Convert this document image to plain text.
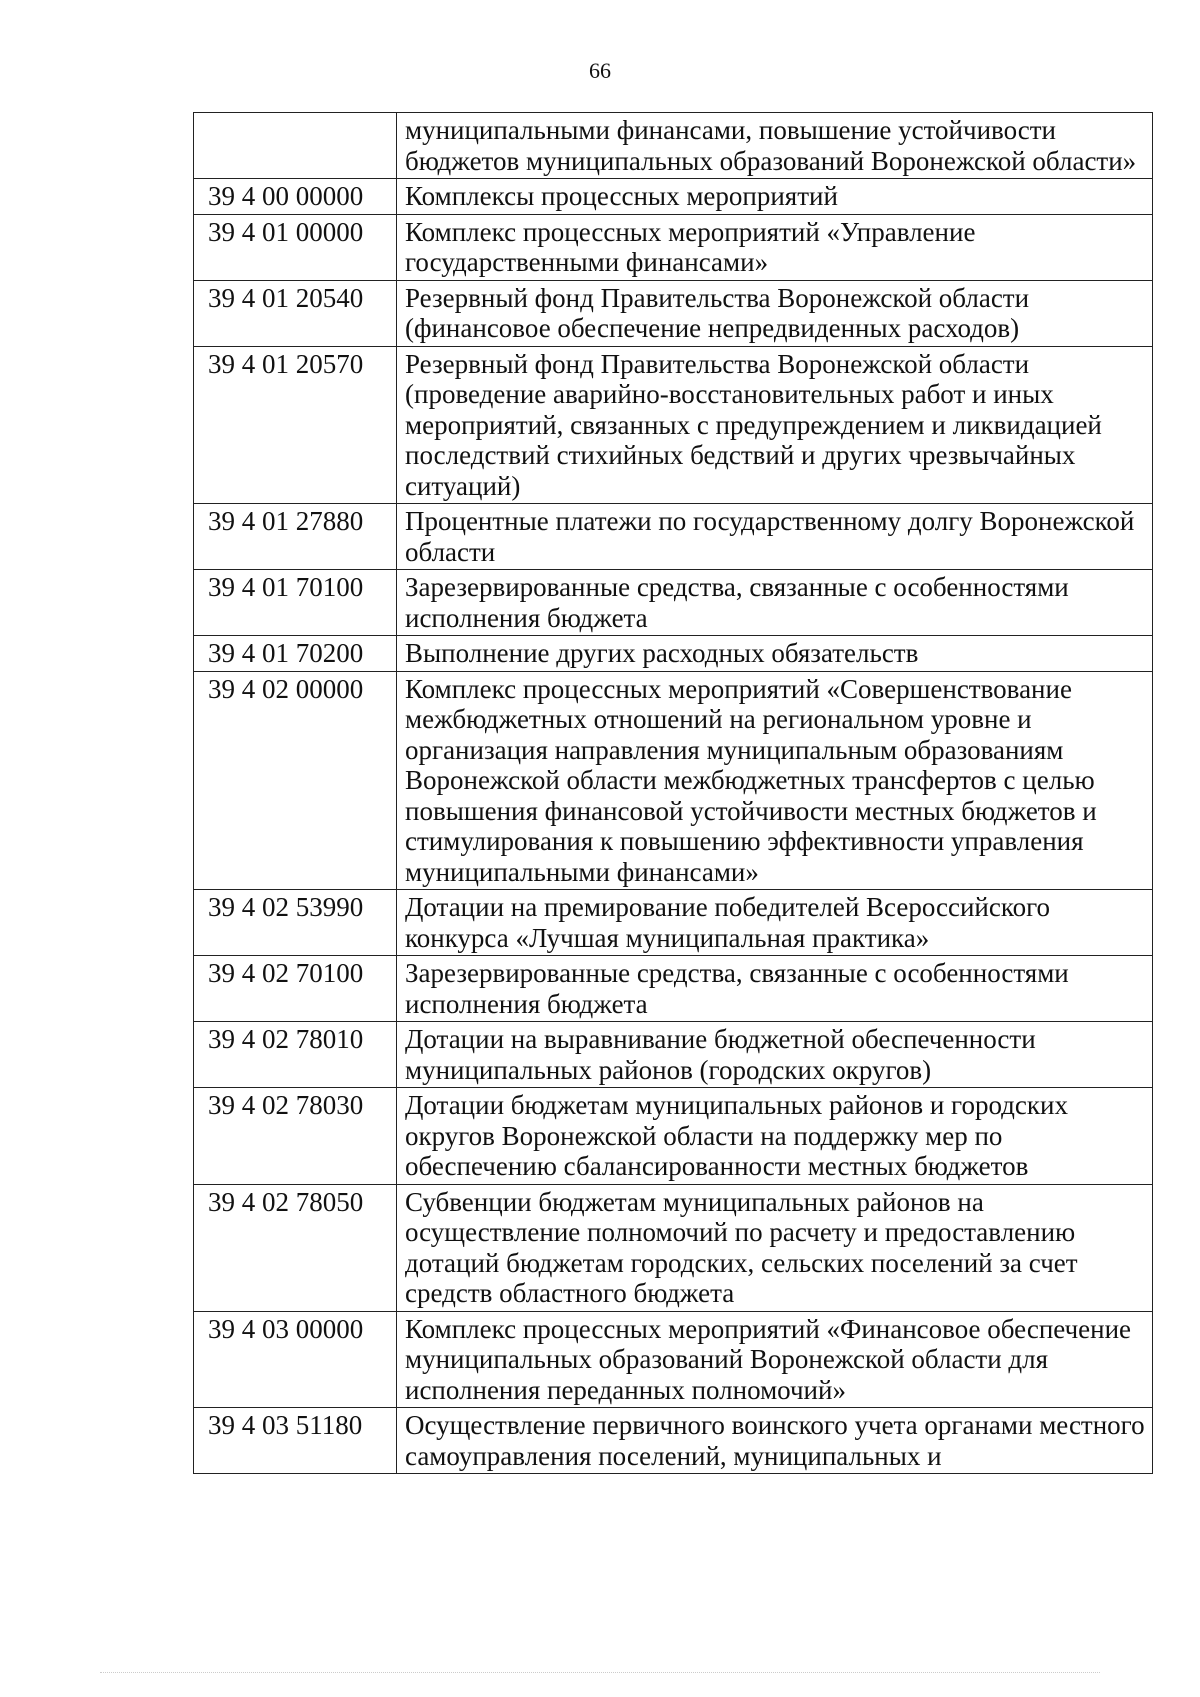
66
	муниципальными финансами, повышение устойчивости бюджетов муниципальных образований Воронежской области»
39 4 00 00000	Комплексы процессных мероприятий
39 4 01 00000	Комплекс процессных мероприятий «Управление государственными финансами»
39 4 01 20540	Резервный фонд Правительства Воронежской области (финансовое обеспечение непредвиденных расходов)
39 4 01 20570	Резервный фонд Правительства Воронежской области (проведение аварийно-восстановительных работ и иных мероприятий, связанных с предупреждением и ликвидацией последствий стихийных бедствий и других чрезвычайных ситуаций)
39 4 01 27880	Процентные платежи по государственному долгу Воронежской области
39 4 01 70100	Зарезервированные средства, связанные с особенностями исполнения бюджета
39 4 01 70200	Выполнение других расходных обязательств
39 4 02 00000	Комплекс процессных мероприятий «Совершенствование межбюджетных отношений на региональном уровне и организация направления муниципальным образованиям Воронежской области межбюджетных трансфертов с целью повышения финансовой устойчивости местных бюджетов и стимулирования к повышению эффективности управления муниципальными финансами»
39 4 02 53990	Дотации на премирование победителей Всероссийского конкурса «Лучшая муниципальная практика»
39 4 02 70100	Зарезервированные средства, связанные с особенностями исполнения бюджета
39 4 02 78010	Дотации на выравнивание бюджетной обеспеченности муниципальных районов (городских округов)
39 4 02 78030	Дотации бюджетам муниципальных районов и городских округов Воронежской области на поддержку мер по обеспечению сбалансированности местных бюджетов
39 4 02 78050	Субвенции бюджетам муниципальных районов на осуществление полномочий по расчету и предоставлению дотаций бюджетам городских, сельских поселений за счет средств областного бюджета
39 4 03 00000	Комплекс процессных мероприятий «Финансовое обеспечение муниципальных образований Воронежской области для исполнения переданных полномочий»
39 4 03 51180	Осуществление первичного воинского учета органами местного самоуправления поселений, муниципальных и
